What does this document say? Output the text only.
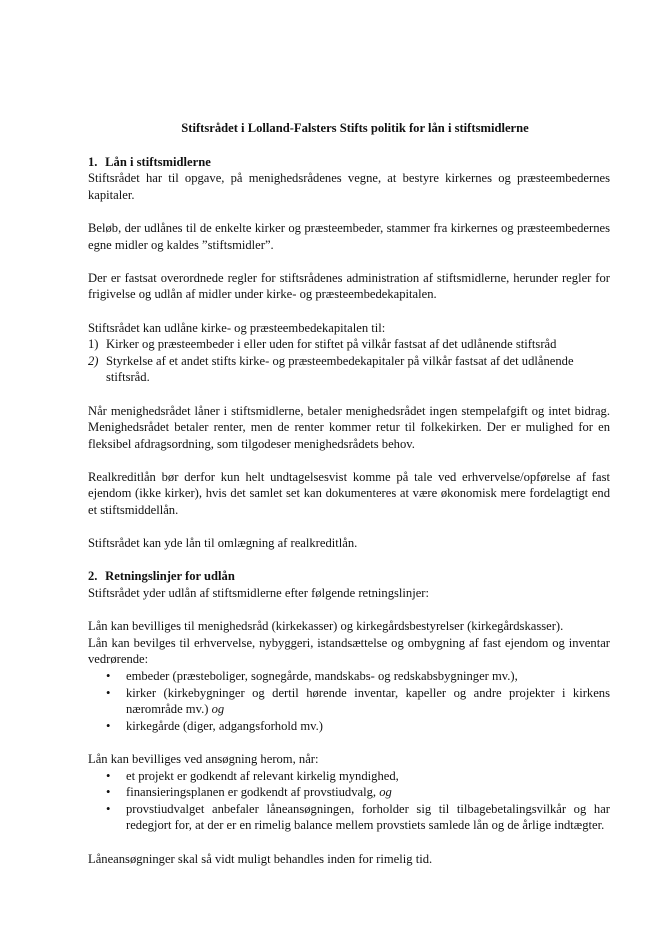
Stiftsrådet i Lolland-Falsters Stifts politik for lån i stiftsmidlerne

1. Lån i stiftsmidlerne

Stiftsrådet har til opgave, på menighedsrådenes vegne, at bestyre kirkernes og præsteembedernes kapitaler.

Beløb, der udlånes til de enkelte kirker og præsteembeder, stammer fra kirkernes og præsteembedernes egne midler og kaldes ”stiftsmidler”.

Der er fastsat overordnede regler for stiftsrådenes administration af stiftsmidlerne, herunder regler for frigivelse og udlån af midler under kirke- og præsteembedekapitalen.

Stiftsrådet kan udlåne kirke- og præsteembedekapitalen til:

1) Kirker og præsteembeder i eller uden for stiftet på vilkår fastsat af det udlånende stiftsråd
2) Styrkelse af et andet stifts kirke- og præsteembedekapitaler på vilkår fastsat af det udlånende stiftsråd.

Når menighedsrådet låner i stiftsmidlerne, betaler menighedsrådet ingen stempelafgift og intet bidrag. Menighedsrådet betaler renter, men de renter kommer retur til folkekirken. Der er mulighed for en fleksibel afdragsordning, som tilgodeser menighedsrådets behov.

Realkreditlån bør derfor kun helt undtagelsesvist komme på tale ved erhvervelse/opførelse af fast ejendom (ikke kirker), hvis det samlet set kan dokumenteres at være økonomisk mere fordelagtigt end et stiftsmiddellån.

Stiftsrådet kan yde lån til omlægning af realkreditlån.

2. Retningslinjer for udlån

Stiftsrådet yder udlån af stiftsmidlerne efter følgende retningslinjer:

Lån kan bevilliges til menighedsråd (kirkekasser) og kirkegårdsbestyrelser (kirkegårdskasser).

Lån kan bevilges til erhvervelse, nybyggeri, istandsættelse og ombygning af fast ejendom og inventar vedrørende:

• embeder (præsteboliger, sognegårde, mandskabs- og redskabsbygninger mv.),
• kirker (kirkebygninger og dertil hørende inventar, kapeller og andre projekter i kirkens nærområde mv.) og
• kirkegårde (diger, adgangsforhold mv.)

Lån kan bevilliges ved ansøgning herom, når:

• et projekt er godkendt af relevant kirkelig myndighed,
• finansieringsplanen er godkendt af provstiudvalg, og
• provstiudvalget anbefaler låneansøgningen, forholder sig til tilbagebetalingsvilkår og har redegjort for, at der er en rimelig balance mellem provstiets samlede lån og de årlige indtægter.

Låneansøgninger skal så vidt muligt behandles inden for rimelig tid.
